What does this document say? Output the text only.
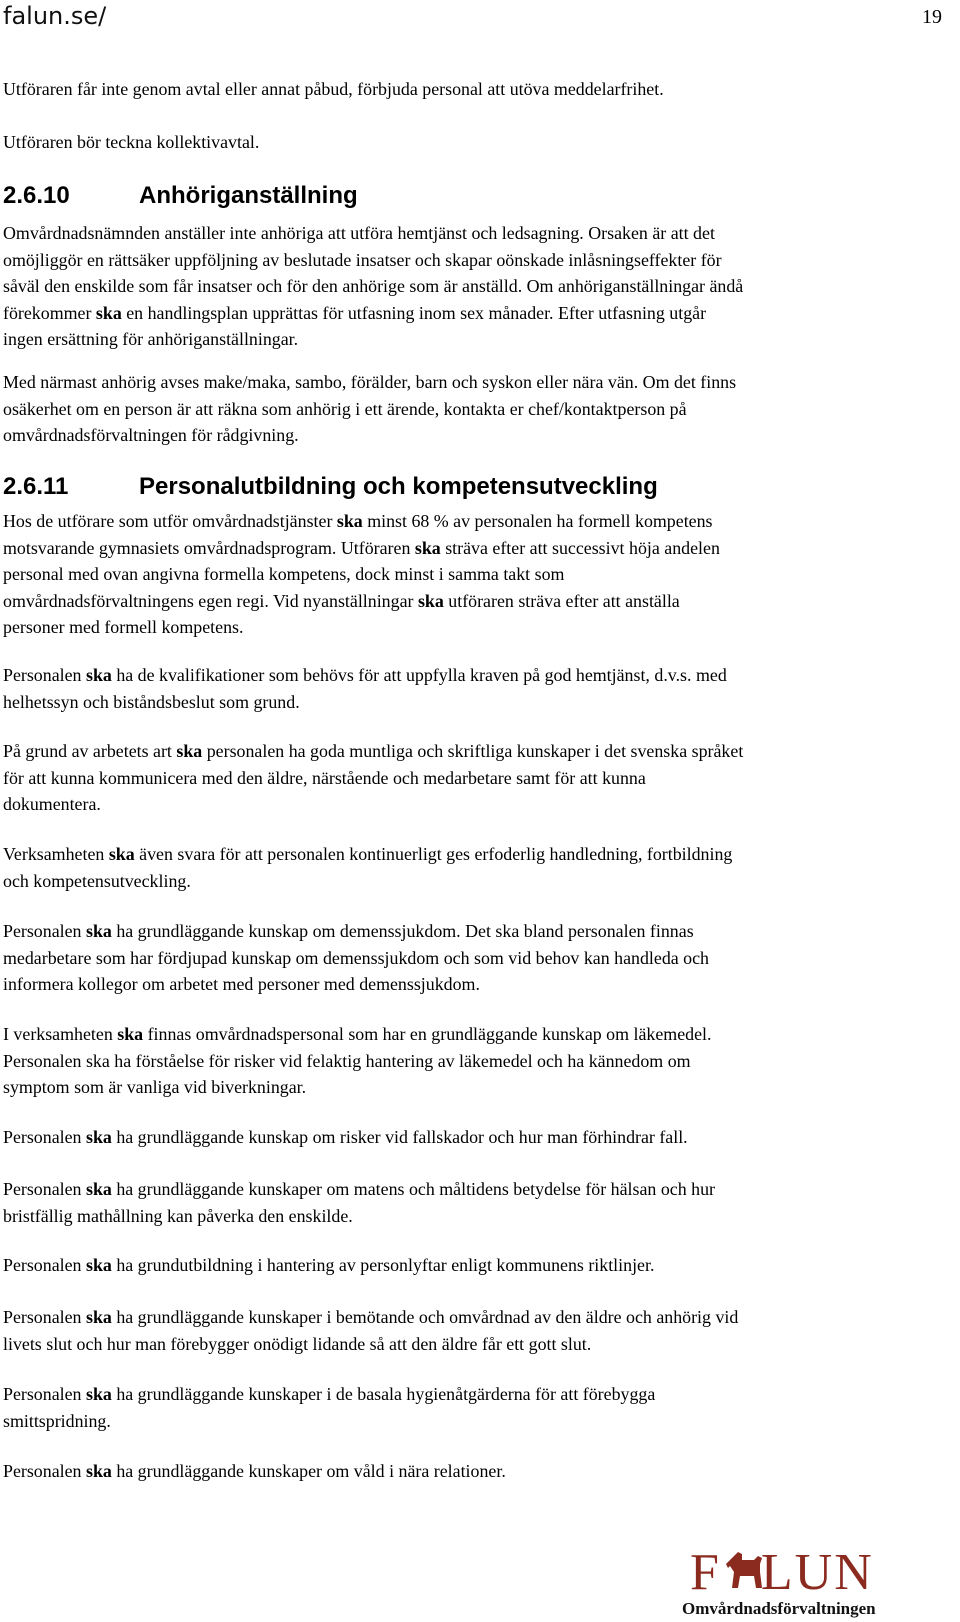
falun.se/	19

Utföraren får inte genom avtal eller annat påbud, förbjuda personal att utöva meddelarfrihet.

Utföraren bör teckna kollektivavtal.

2.6.10	Anhöriganställning

Omvårdnadsnämnden anställer inte anhöriga att utföra hemtjänst och ledsagning. Orsaken är att det
omöjliggör en rättsäker uppföljning av beslutade insatser och skapar oönskade inlåsningseffekter för
såväl den enskilde som får insatser och för den anhörige som är anställd. Om anhöriganställningar ändå
förekommer ska en handlingsplan upprättas för utfasning inom sex månader. Efter utfasning utgår
ingen ersättning för anhöriganställningar.

Med närmast anhörig avses make/maka, sambo, förälder, barn och syskon eller nära vän. Om det finns
osäkerhet om en person är att räkna som anhörig i ett ärende, kontakta er chef/kontaktperson på
omvårdnadsförvaltningen för rådgivning.

2.6.11	Personalutbildning och kompetensutveckling

Hos de utförare som utför omvårdnadstjänster ska minst 68 % av personalen ha formell kompetens
motsvarande gymnasiets omvårdnadsprogram. Utföraren ska sträva efter att successivt höja andelen
personal med ovan angivna formella kompetens, dock minst i samma takt som
omvårdnadsförvaltningens egen regi. Vid nyanställningar ska utföraren sträva efter att anställa
personer med formell kompetens.

Personalen ska ha de kvalifikationer som behövs för att uppfylla kraven på god hemtjänst, d.v.s. med
helhetssyn och biståndsbeslut som grund.

På grund av arbetets art ska personalen ha goda muntliga och skriftliga kunskaper i det svenska språket
för att kunna kommunicera med den äldre, närstående och medarbetare samt för att kunna
dokumentera.

Verksamheten ska även svara för att personalen kontinuerligt ges erfoderlig handledning, fortbildning
och kompetensutveckling.

Personalen ska ha grundläggande kunskap om demenssjukdom. Det ska bland personalen finnas
medarbetare som har fördjupad kunskap om demenssjukdom och som vid behov kan handleda och
informera kollegor om arbetet med personer med demenssjukdom.

I verksamheten ska finnas omvårdnadspersonal som har en grundläggande kunskap om läkemedel.
Personalen ska ha förståelse för risker vid felaktig hantering av läkemedel och ha kännedom om
symptom som är vanliga vid biverkningar.

Personalen ska ha grundläggande kunskap om risker vid fallskador och hur man förhindrar fall.

Personalen ska ha grundläggande kunskaper om matens och måltidens betydelse för hälsan och hur
bristfällig mathållning kan påverka den enskilde.

Personalen ska ha grundutbildning i hantering av personlyftar enligt kommunens riktlinjer.

Personalen ska ha grundläggande kunskaper i bemötande och omvårdnad av den äldre och anhörig vid
livets slut och hur man förebygger onödigt lidande så att den äldre får ett gott slut.

Personalen ska ha grundläggande kunskaper i de basala hygienåtgärderna för att förebygga
smittspridning.

Personalen ska ha grundläggande kunskaper om våld i nära relationer.

F LUN
Omvårdnadsförvaltningen
